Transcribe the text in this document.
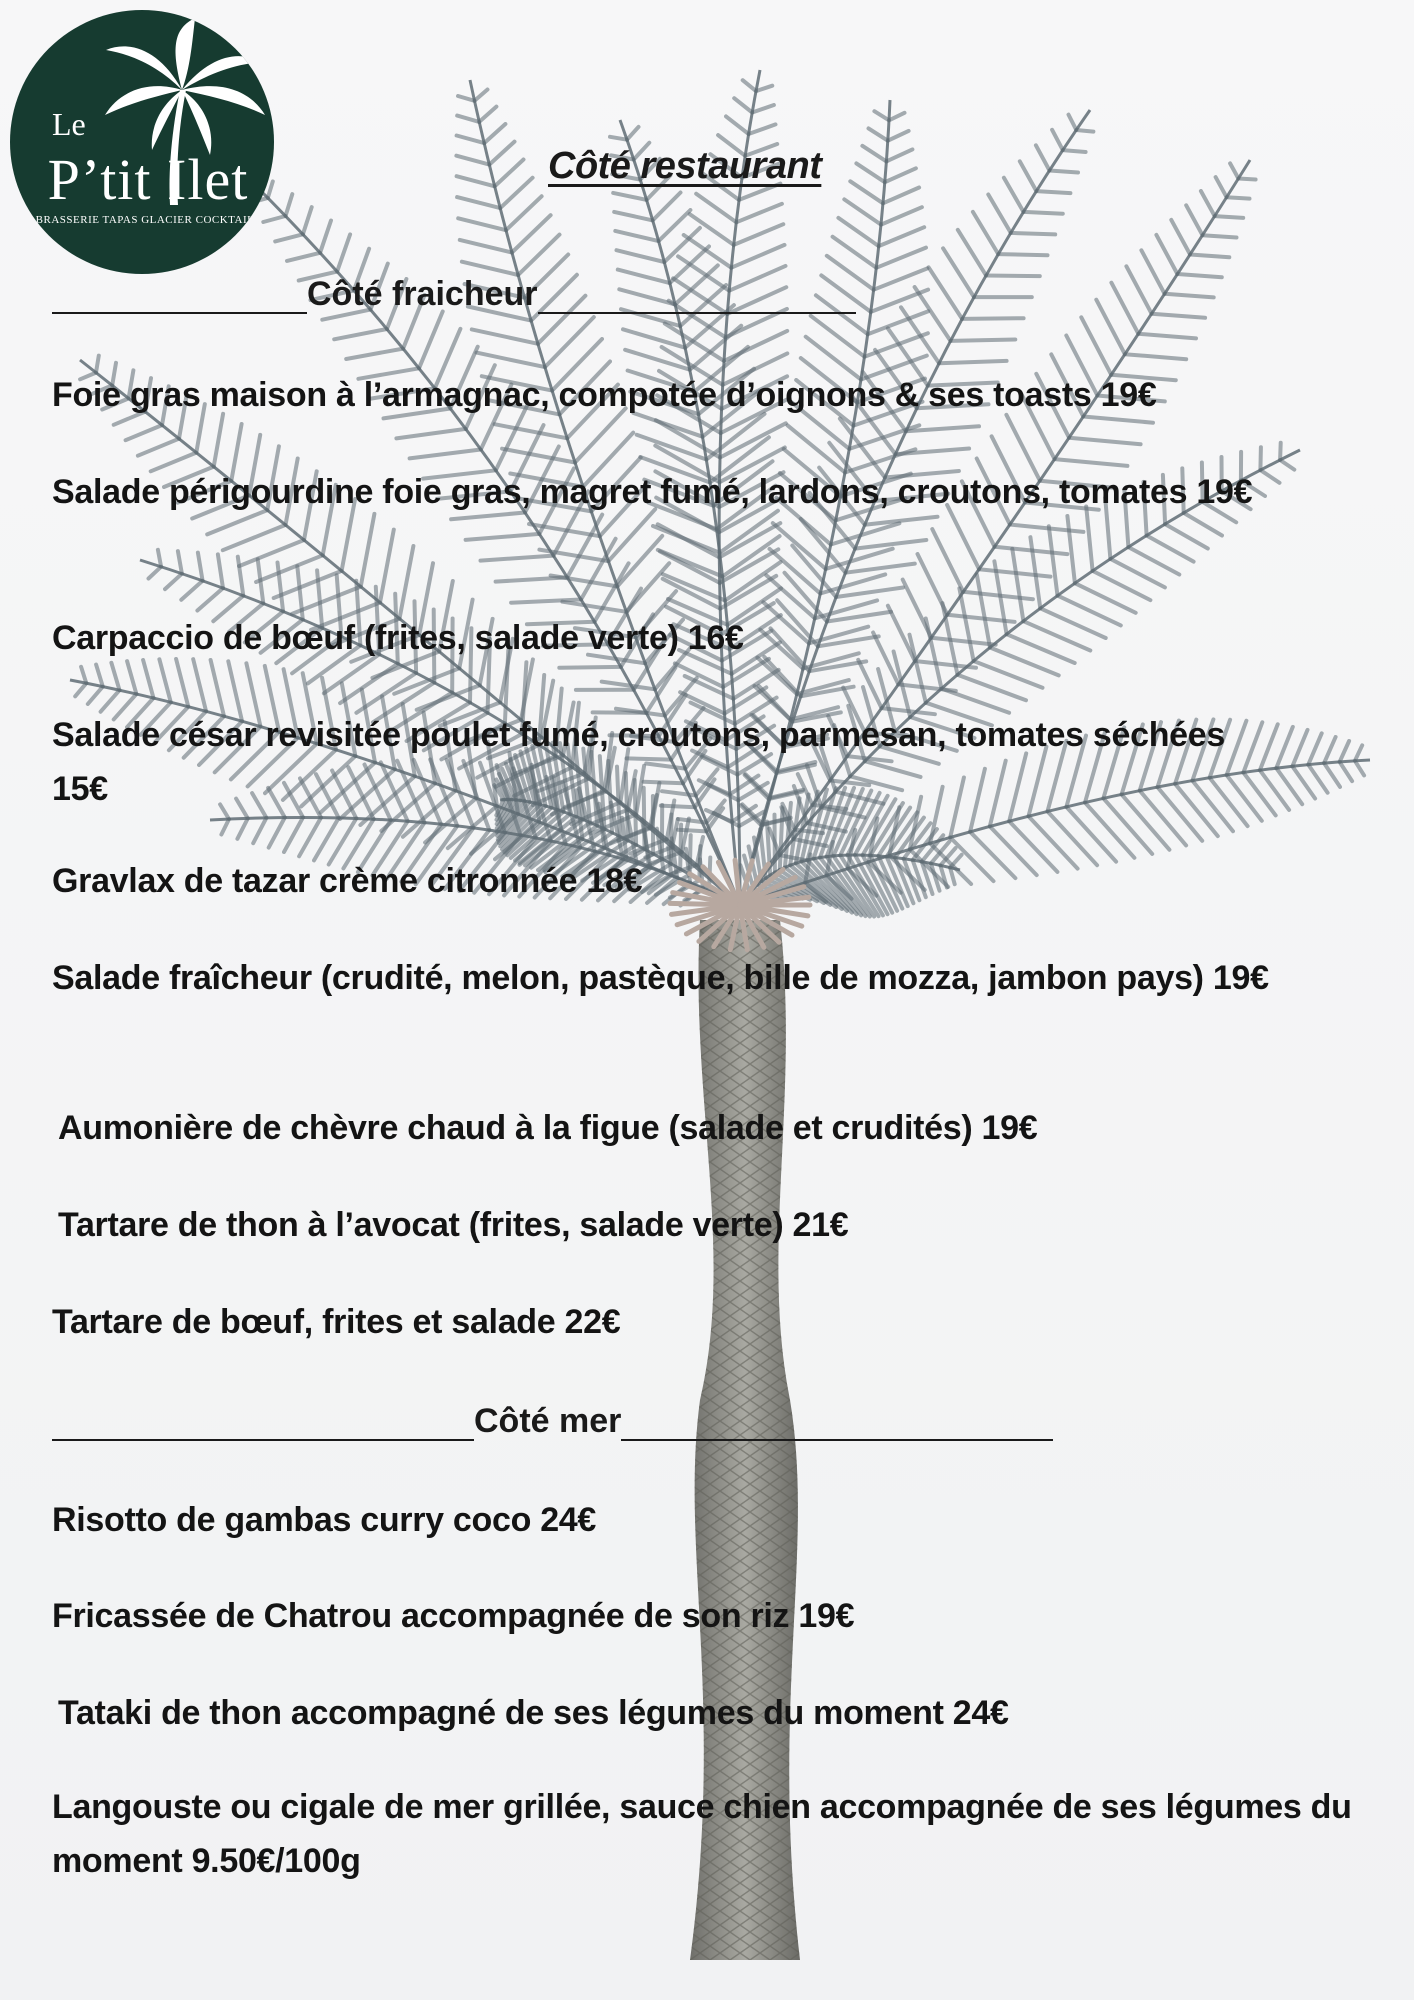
Le
P’tit Ilet
BRASSERIE TAPAS GLACIER COCKTAIL
Côté restaurant
Côté fraicheur
Foie gras maison à l’armagnac, compotée d’oignons & ses toasts 19€
Salade périgourdine foie gras, magret fumé, lardons, croutons, tomates 19€
Carpaccio de bœuf (frites, salade verte) 16€
Salade césar revisitée poulet fumé, croutons, parmesan, tomates séchées 15€
Gravlax de tazar crème citronnée 18€
Salade fraîcheur (crudité, melon, pastèque, bille de mozza, jambon pays) 19€
Aumonière de chèvre chaud à la figue (salade et crudités) 19€
Tartare de thon à l’avocat (frites, salade verte) 21€
Tartare de bœuf, frites et salade 22€
Côté mer
Risotto de gambas curry coco 24€
Fricassée de Chatrou accompagnée de son riz 19€
Tataki de thon accompagné de ses légumes du moment 24€
Langouste ou cigale de mer grillée, sauce chien accompagnée de ses légumes du moment 9.50€/100g
